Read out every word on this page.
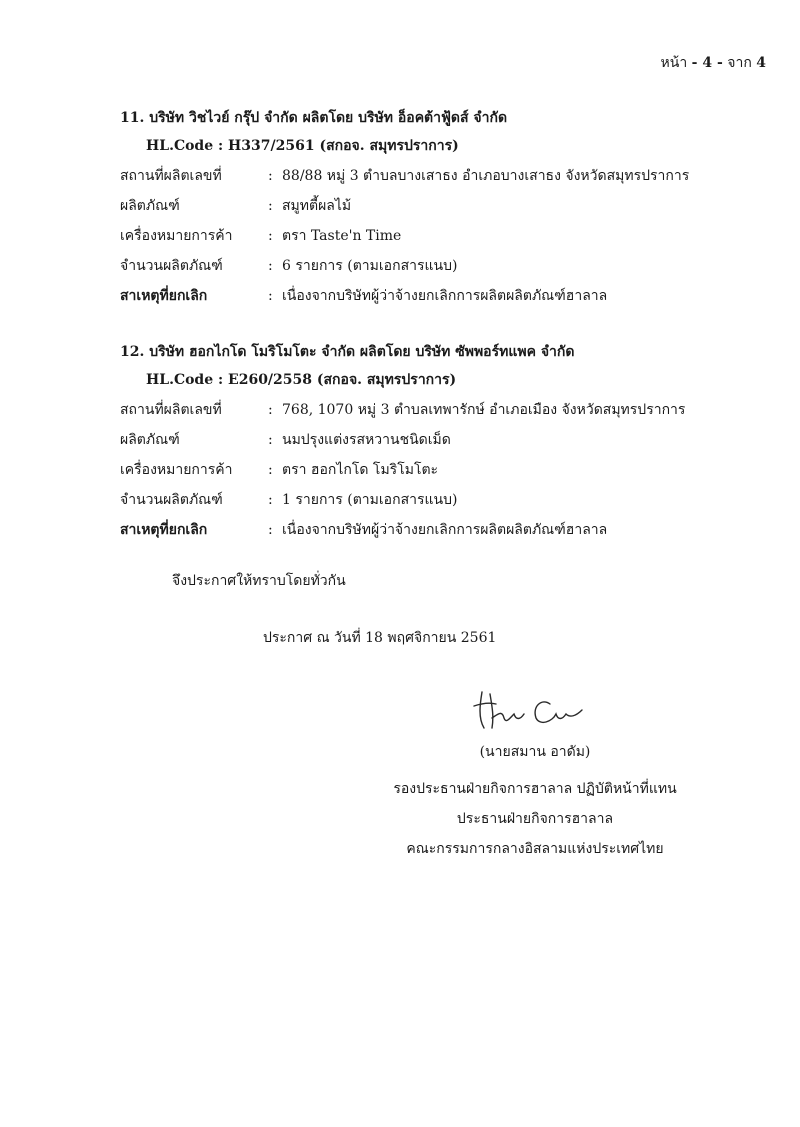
หน้า - 4 - จาก 4
11. บริษัท วิชไวย์ กรุ๊ป จำกัด ผลิตโดย บริษัท อ็อคต้าฟู้ดส์ จำกัด
HL.Code : H337/2561 (สกอจ. สมุทรปราการ)
สถานที่ผลิตเลขที่	: 88/88 หมู่ 3 ตำบลบางเสาธง อำเภอบางเสาธง จังหวัดสมุทรปราการ
ผลิตภัณฑ์	: สมูทตี้ผลไม้
เครื่องหมายการค้า	: ตรา Taste'n Time
จำนวนผลิตภัณฑ์	: 6 รายการ (ตามเอกสารแนบ)
สาเหตุที่ยกเลิก	: เนื่องจากบริษัทผู้ว่าจ้างยกเลิกการผลิตผลิตภัณฑ์ฮาลาล
12. บริษัท ฮอกไกโด โมริโมโตะ จำกัด ผลิตโดย บริษัท ซัพพอร์ทแพค จำกัด
HL.Code : E260/2558 (สกอจ. สมุทรปราการ)
สถานที่ผลิตเลขที่	: 768, 1070 หมู่ 3 ตำบลเทพารักษ์ อำเภอเมือง จังหวัดสมุทรปราการ
ผลิตภัณฑ์	: นมปรุงแต่งรสหวานชนิดเม็ด
เครื่องหมายการค้า	: ตรา ฮอกไกโด โมริโมโตะ
จำนวนผลิตภัณฑ์	: 1 รายการ (ตามเอกสารแนบ)
สาเหตุที่ยกเลิก	: เนื่องจากบริษัทผู้ว่าจ้างยกเลิกการผลิตผลิตภัณฑ์ฮาลาล
จึงประกาศให้ทราบโดยทั่วกัน
ประกาศ ณ วันที่ 18 พฤศจิกายน 2561
(นายสมาน อาดัม)
รองประธานฝ่ายกิจการฮาลาล ปฏิบัติหน้าที่แทน
ประธานฝ่ายกิจการฮาลาล
คณะกรรมการกลางอิสลามแห่งประเทศไทย
